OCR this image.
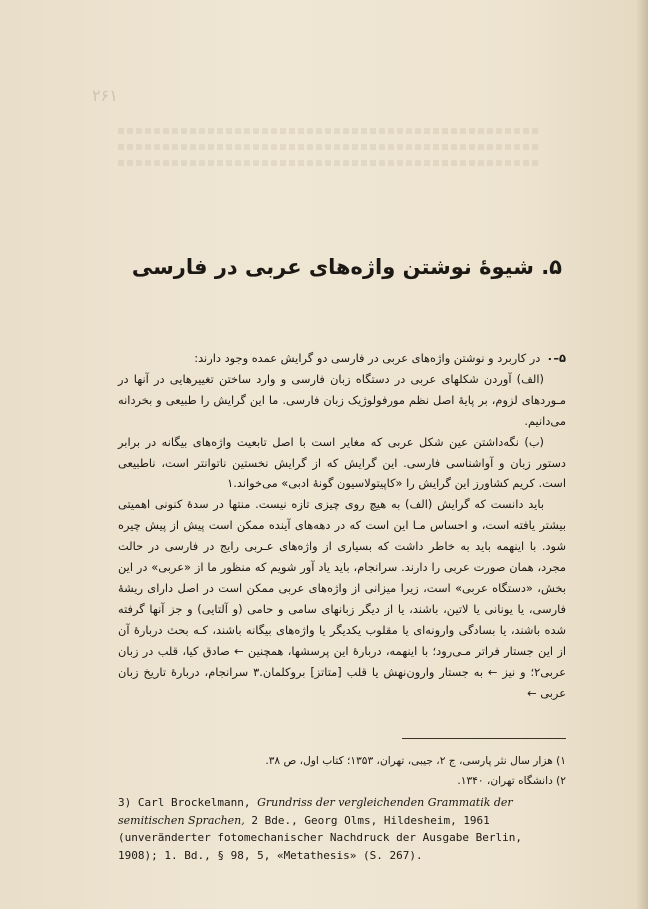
۲۶۱
۵. شیوهٔ نوشتن واژه‌های عربی در فارسی

۵–۰در کاربرد و نوشتن واژه‌های عربی در فارسی دو گرایش عمده وجود دارند:

(الف) آوردن شکلهای عربی در دستگاه زبان فارسی و وارد ساختن تغییرهایی در آنها در مـوردهای لزوم، بر پایهٔ اصل نظم مورفولوژیک زبان فارسی. ما این گرایش را طبیعی و بخردانه می‌دانیم.

(ب) نگه‌داشتن عین شکل عربی که مغایر است با اصل تابعیت واژه‌های بیگانه در برابر دستور زبان و آواشناسی فارسی. این گرایش که از گرایش نخستین ناتوانتر است، ناطبیعی است. کریم کشاورز این گرایش را «کاپیتولاسیون گونهٔ ادبی» می‌خواند.۱

باید دانست که گرایش (الف) به هیچ روی چیزی تازه نیست. منتها در سدهٔ کنونی اهمیتی بیشتر یافته است، و احساس مـا این است که در دهه‌های آینده ممکن است پیش از پیش چیره شود. با اینهمه باید به خاطر داشت که بسیاری از واژه‌های عـربی رایج در فارسی در حالت مجرد، همان صورت عربی را دارند. سرانجام، باید یاد آور شویم که منظور ما از «عربی» در این بخش، «دستگاه عربی» است، زیرا میزانی از واژه‌های عربی ممکن است در اصل دارای ریشهٔ فارسی، یا یونانی یا لاتین، باشند، یا از دیگر زبانهای سامی و حامی (و آلتایی) و جز آنها گرفته شده باشند، یا بسادگی وارونه‌ای یا مقلوب یکدیگر یا واژه‌های بیگانه باشند، کـه بحث دربارهٔ آن از این جستار فراتر مـی‌رود؛ با اینهمه، دربارهٔ این پرسشها، همچنین ← صادق کیا، قلب در زبان عربی۲؛ و نیز ← به جستار وارون‌نهش یا قلب [متاتز] بروکلمان.۳ سرانجام، دربارهٔ تاریخ زبان عربی ←

۱) هزار سال نثر پارسی، ج ۲، جیبی، تهران، ۱۳۵۳؛ کتاب اول، ص ۳۸.
۲) دانشگاه تهران، ۱۳۴۰.
3) Carl Brockelmann, Grundriss der vergleichenden Grammatik der semitischen Sprachen, 2 Bde., Georg Olms, Hildesheim, 1961 (unveränderter fotomechanischer Nachdruck der Ausgabe Berlin, 1908); 1. Bd., § 98, 5, «Metathesis» (S. 267).
